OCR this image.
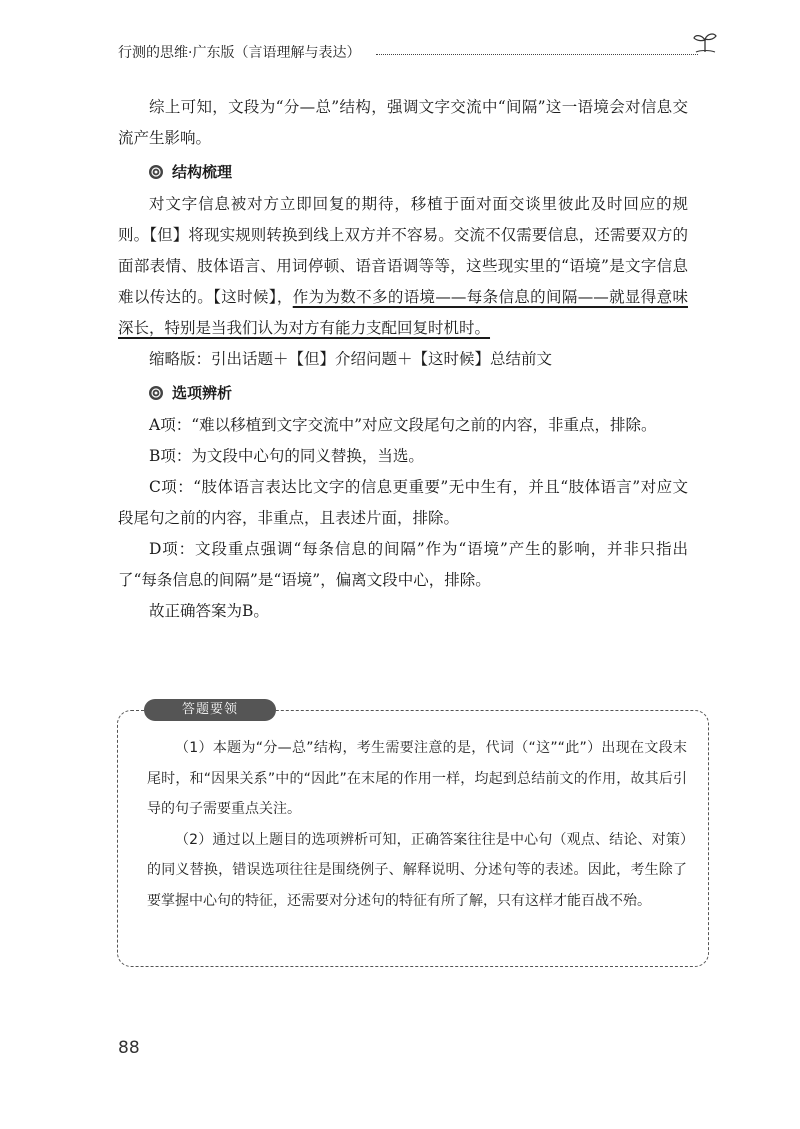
行测的思维·广东版（言语理解与表达）

综上可知，文段为“分—总”结构，强调文字交流中“间隔”这一语境会对信息交流产生影响。

结构梳理

对文字信息被对方立即回复的期待，移植于面对面交谈里彼此及时回应的规则。【但】将现实规则转换到线上双方并不容易。交流不仅需要信息，还需要双方的面部表情、肢体语言、用词停顿、语音语调等等，这些现实里的“语境”是文字信息难以传达的。【这时候】，作为为数不多的语境——每条信息的间隔——就显得意味深长，特别是当我们认为对方有能力支配回复时机时。

缩略版：引出话题＋【但】介绍问题＋【这时候】总结前文

选项辨析

A项：“难以移植到文字交流中”对应文段尾句之前的内容，非重点，排除。

B项：为文段中心句的同义替换，当选。

C项：“肢体语言表达比文字的信息更重要”无中生有，并且“肢体语言”对应文段尾句之前的内容，非重点，且表述片面，排除。

D项：文段重点强调“每条信息的间隔”作为“语境”产生的影响，并非只指出了“每条信息的间隔”是“语境”，偏离文段中心，排除。

故正确答案为B。

答题要领

（1）本题为“分—总”结构，考生需要注意的是，代词（“这”“此”）出现在文段末尾时，和“因果关系”中的“因此”在末尾的作用一样，均起到总结前文的作用，故其后引导的句子需要重点关注。

（2）通过以上题目的选项辨析可知，正确答案往往是中心句（观点、结论、对策）的同义替换，错误选项往往是围绕例子、解释说明、分述句等的表述。因此，考生除了要掌握中心句的特征，还需要对分述句的特征有所了解，只有这样才能百战不殆。

88
